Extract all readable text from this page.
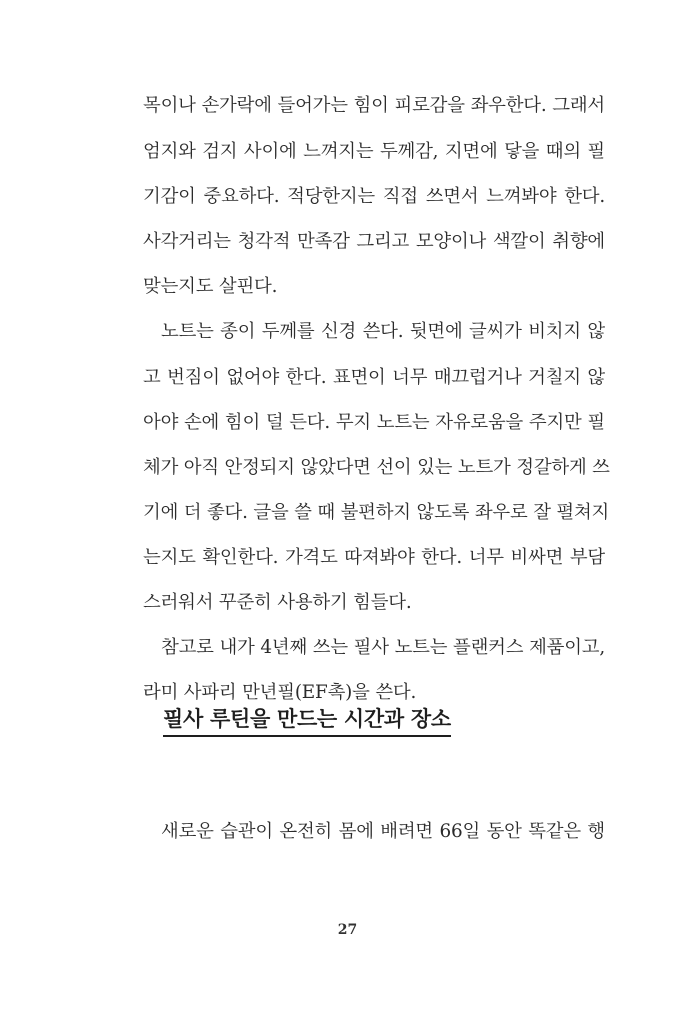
목이나 손가락에 들어가는 힘이 피로감을 좌우한다. 그래서
엄지와 검지 사이에 느껴지는 두께감, 지면에 닿을 때의 필
기감이 중요하다. 적당한지는 직접 쓰면서 느껴봐야 한다.
사각거리는 청각적 만족감 그리고 모양이나 색깔이 취향에
맞는지도 살핀다.
노트는 종이 두께를 신경 쓴다. 뒷면에 글씨가 비치지 않
고 번짐이 없어야 한다. 표면이 너무 매끄럽거나 거칠지 않
아야 손에 힘이 덜 든다. 무지 노트는 자유로움을 주지만 필
체가 아직 안정되지 않았다면 선이 있는 노트가 정갈하게 쓰
기에 더 좋다. 글을 쓸 때 불편하지 않도록 좌우로 잘 펼쳐지
는지도 확인한다. 가격도 따져봐야 한다. 너무 비싸면 부담
스러워서 꾸준히 사용하기 힘들다.
참고로 내가 4년째 쓰는 필사 노트는 플랜커스 제품이고,
라미 사파리 만년필(EF촉)을 쓴다.
필사 루틴을 만드는 시간과 장소
새로운 습관이 온전히 몸에 배려면 66일 동안 똑같은 행
27
